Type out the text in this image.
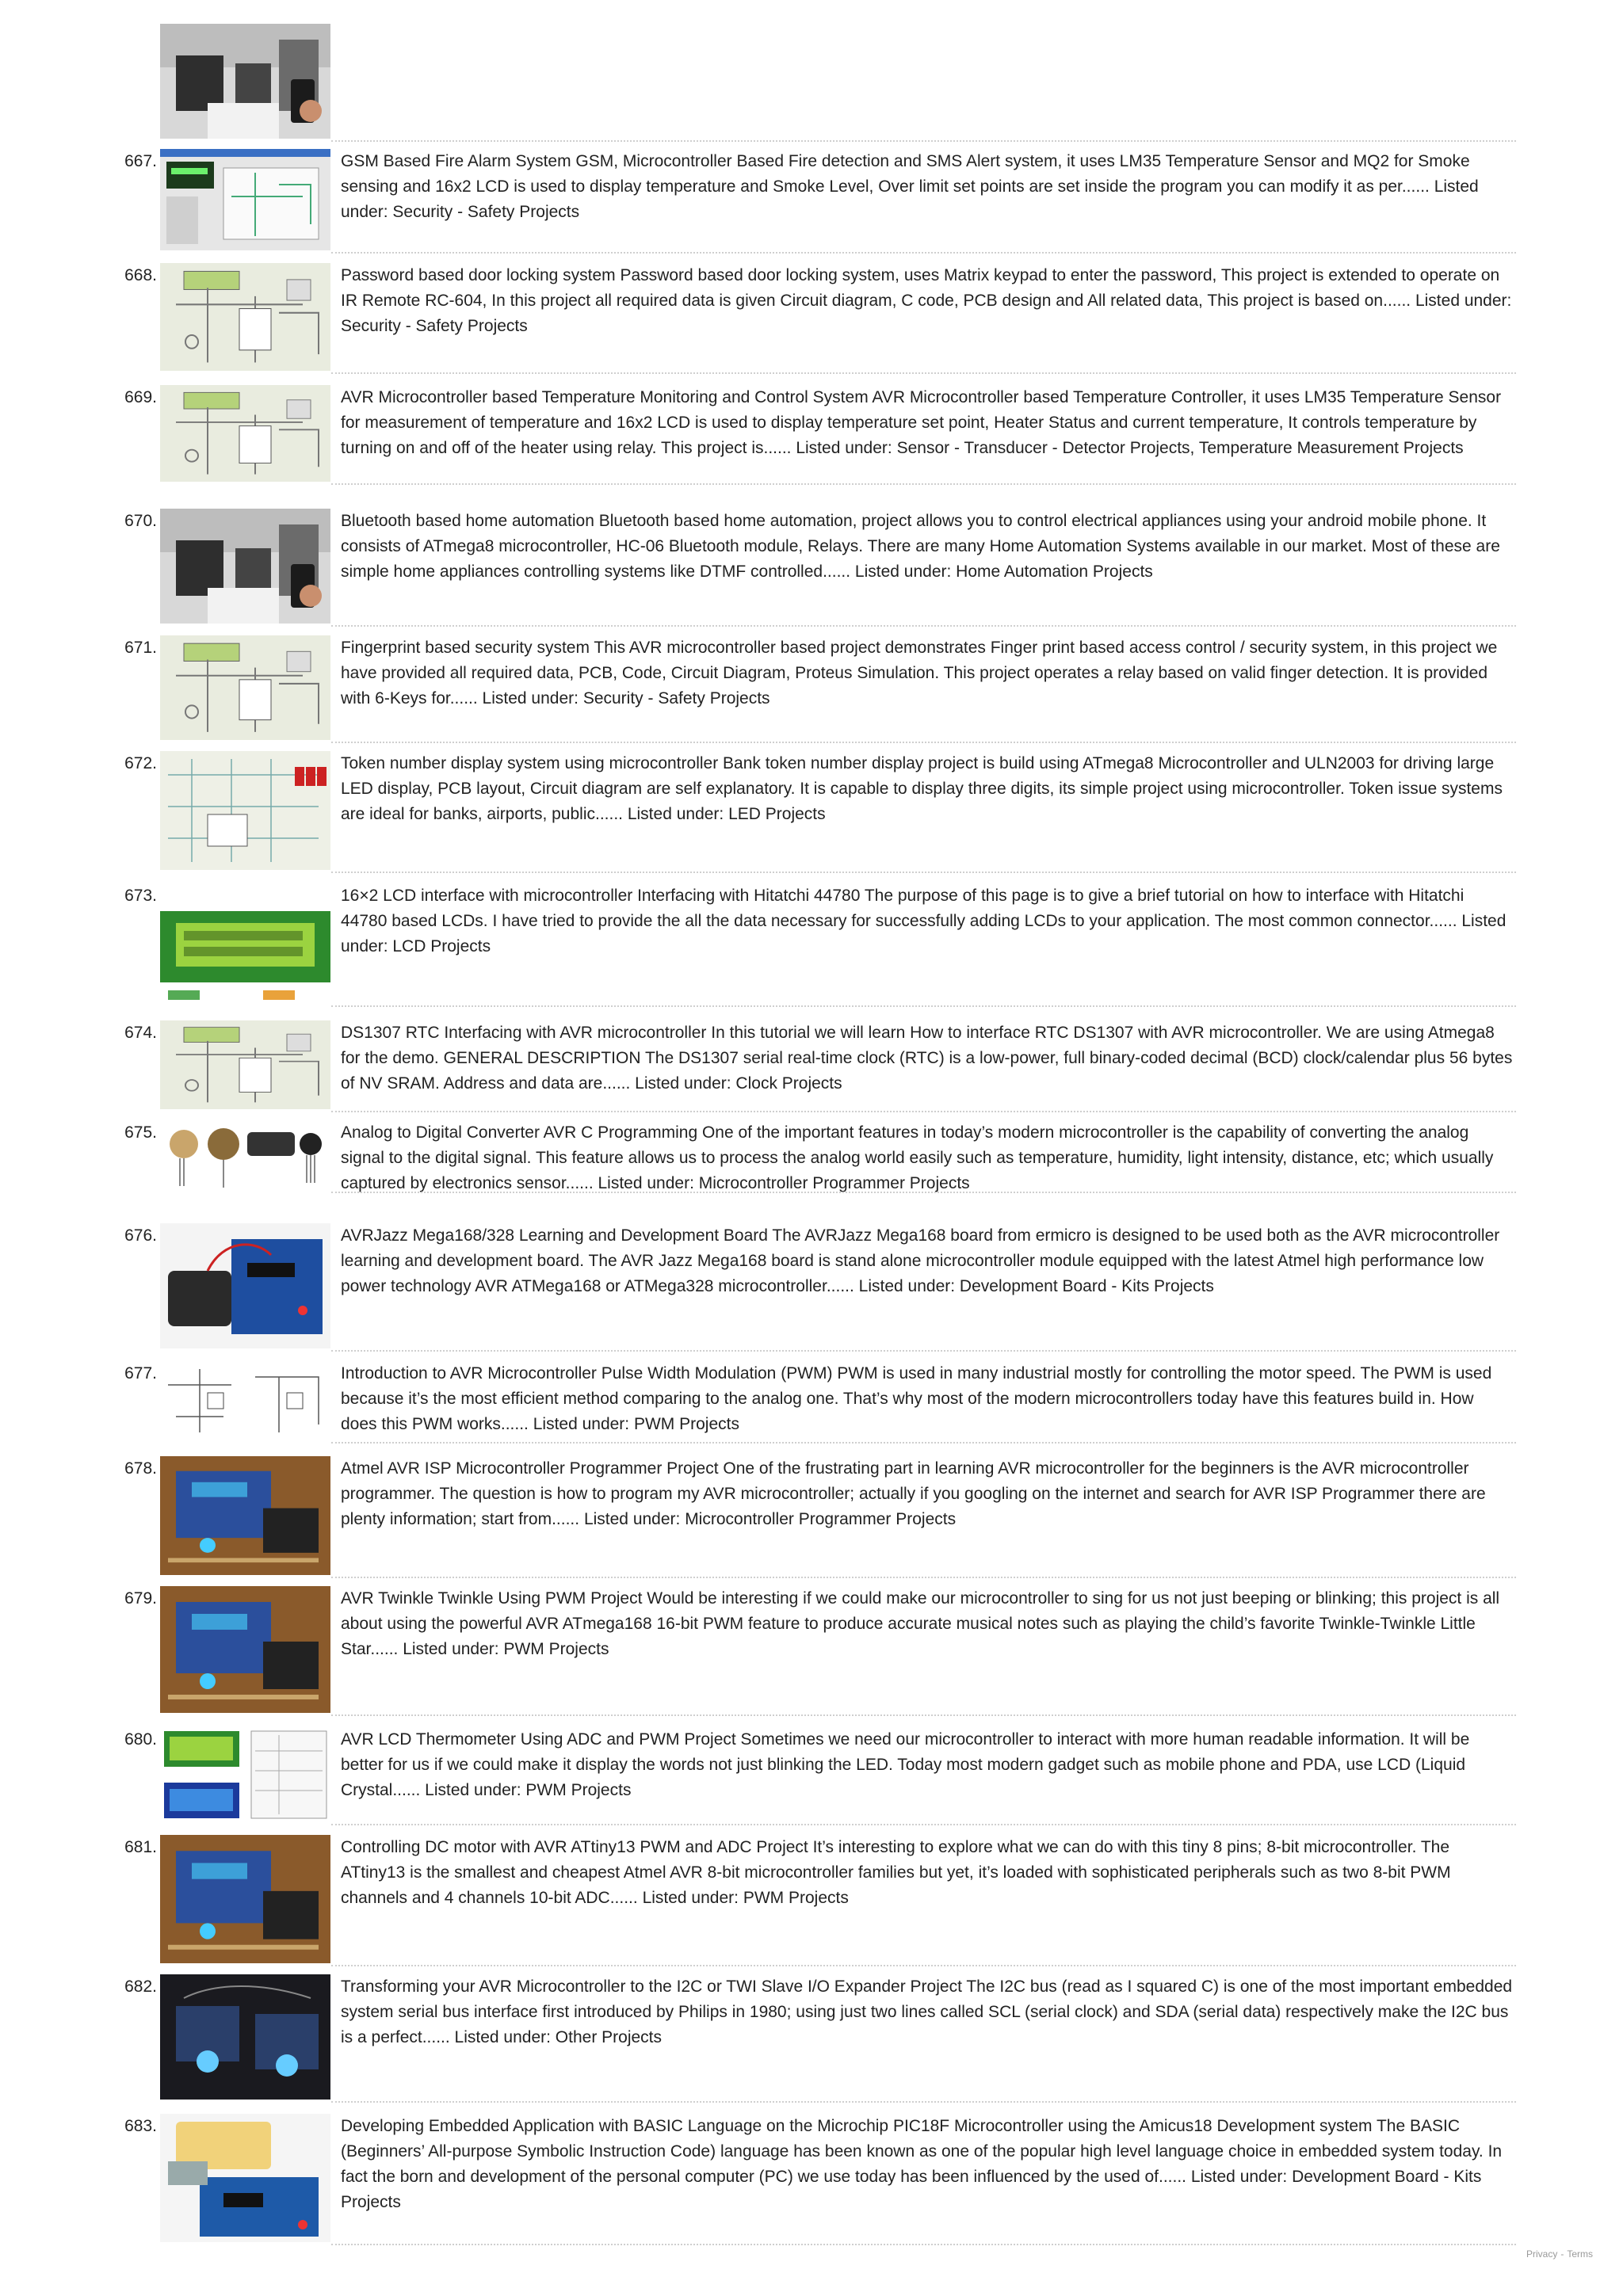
667.	GSM Based Fire Alarm System GSM, Microcontroller Based Fire detection and SMS Alert system, it uses LM35 Temperature Sensor and MQ2 for Smoke sensing and 16x2 LCD is used to display temperature and Smoke Level, Over limit set points are set inside the program you can modify it as per...... Listed under: Security - Safety Projects
668.	Password based door locking system Password based door locking system, uses Matrix keypad to enter the password, This project is extended to operate on IR Remote RC-604, In this project all required data is given Circuit diagram, C code, PCB design and All related data, This project is based on...... Listed under: Security - Safety Projects
669.	AVR Microcontroller based Temperature Monitoring and Control System AVR Microcontroller based Temperature Controller, it uses LM35 Temperature Sensor for measurement of temperature and 16x2 LCD is used to display temperature set point, Heater Status and current temperature, It controls temperature by turning on and off of the heater using relay. This project is...... Listed under: Sensor - Transducer - Detector Projects, Temperature Measurement Projects
670.	Bluetooth based home automation Bluetooth based home automation, project allows you to control electrical appliances using your android mobile phone. It consists of ATmega8 microcontroller, HC-06 Bluetooth module, Relays. There are many Home Automation Systems available in our market. Most of these are simple home appliances controlling systems like DTMF controlled...... Listed under: Home Automation Projects
671.	Fingerprint based security system This AVR microcontroller based project demonstrates Finger print based access control / security system, in this project we have provided all required data, PCB, Code, Circuit Diagram, Proteus Simulation. This project operates a relay based on valid finger detection. It is provided with 6-Keys for...... Listed under: Security - Safety Projects
672.	Token number display system using microcontroller Bank token number display project is build using ATmega8 Microcontroller and ULN2003 for driving large LED display, PCB layout, Circuit diagram are self explanatory. It is capable to display three digits, its simple project using microcontroller. Token issue systems are ideal for banks, airports, public...... Listed under: LED Projects
673.	16×2 LCD interface with microcontroller Interfacing with Hitatchi 44780 The purpose of this page is to give a brief tutorial on how to interface with Hitatchi 44780 based LCDs. I have tried to provide the all the data necessary for successfully adding LCDs to your application. The most common connector...... Listed under: LCD Projects
674.	DS1307 RTC Interfacing with AVR microcontroller In this tutorial we will learn How to interface RTC DS1307 with AVR microcontroller. We are using Atmega8 for the demo. GENERAL DESCRIPTION The DS1307 serial real-time clock (RTC) is a low-power, full binary-coded decimal (BCD) clock/calendar plus 56 bytes of NV SRAM. Address and data are...... Listed under: Clock Projects
675.	Analog to Digital Converter AVR C Programming One of the important features in today’s modern microcontroller is the capability of converting the analog signal to the digital signal. This feature allows us to process the analog world easily such as temperature, humidity, light intensity, distance, etc; which usually captured by electronics sensor...... Listed under: Microcontroller Programmer Projects
676.	AVRJazz Mega168/328 Learning and Development Board The AVRJazz Mega168 board from ermicro is designed to be used both as the AVR microcontroller learning and development board. The AVR Jazz Mega168 board is stand alone microcontroller module equipped with the latest Atmel high performance low power technology AVR ATMega168 or ATMega328 microcontroller...... Listed under: Development Board - Kits Projects
677.	Introduction to AVR Microcontroller Pulse Width Modulation (PWM) PWM is used in many industrial mostly for controlling the motor speed. The PWM is used because it’s the most efficient method comparing to the analog one. That’s why most of the modern microcontrollers today have this features build in. How does this PWM works...... Listed under: PWM Projects
678.	Atmel AVR ISP Microcontroller Programmer Project One of the frustrating part in learning AVR microcontroller for the beginners is the AVR microcontroller programmer. The question is how to program my AVR microcontroller; actually if you googling on the internet and search for AVR ISP Programmer there are plenty information; start from...... Listed under: Microcontroller Programmer Projects
679.	AVR Twinkle Twinkle Using PWM Project Would be interesting if we could make our microcontroller to sing for us not just beeping or blinking; this project is all about using the powerful AVR ATmega168 16-bit PWM feature to produce accurate musical notes such as playing the child’s favorite Twinkle-Twinkle Little Star...... Listed under: PWM Projects
680.	AVR LCD Thermometer Using ADC and PWM Project Sometimes we need our microcontroller to interact with more human readable information. It will be better for us if we could make it display the words not just blinking the LED. Today most modern gadget such as mobile phone and PDA, use LCD (Liquid Crystal...... Listed under: PWM Projects
681.	Controlling DC motor with AVR ATtiny13 PWM and ADC Project It’s interesting to explore what we can do with this tiny 8 pins; 8-bit microcontroller. The ATtiny13 is the smallest and cheapest Atmel AVR 8-bit microcontroller families but yet, it’s loaded with sophisticated peripherals such as two 8-bit PWM channels and 4 channels 10-bit ADC...... Listed under: PWM Projects
682.	Transforming your AVR Microcontroller to the I2C or TWI Slave I/O Expander Project The I2C bus (read as I squared C) is one of the most important embedded system serial bus interface first introduced by Philips in 1980; using just two lines called SCL (serial clock) and SDA (serial data) respectively make the I2C bus is a perfect...... Listed under: Other Projects
683.	Developing Embedded Application with BASIC Language on the Microchip PIC18F Microcontroller using the Amicus18 Development system The BASIC (Beginners’ All-purpose Symbolic Instruction Code) language has been known as one of the popular high level language choice in embedded system today. In fact the born and development of the personal computer (PC) we use today has been influenced by the used of...... Listed under: Development Board - Kits Projects
Privacy - Terms
